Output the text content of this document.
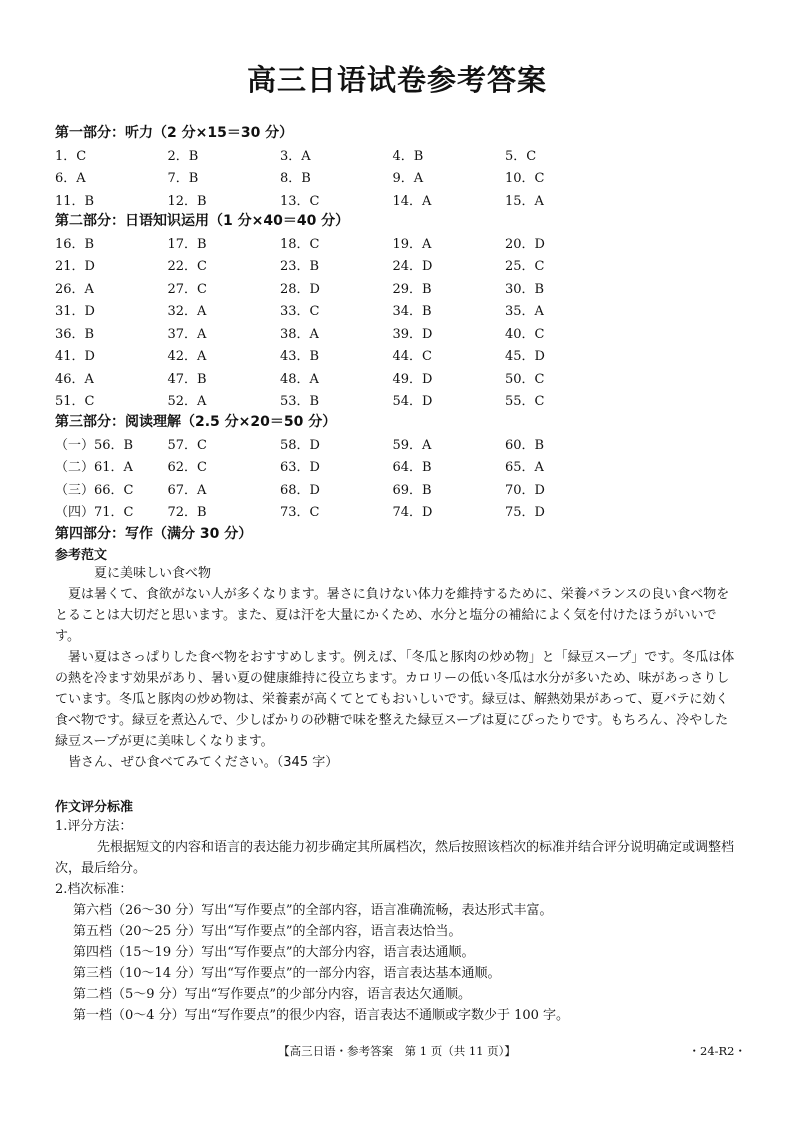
高三日语试卷参考答案
第一部分：听力（2 分×15＝30 分）
1．C	2．B	3．A	4．B	5．C
6．A	7．B	8．B	9．A	10．C
11．B	12．B	13．C	14．A	15．A
第二部分：日语知识运用（1 分×40＝40 分）
16．B	17．B	18．C	19．A	20．D
21．D	22．C	23．B	24．D	25．C
26．A	27．C	28．D	29．B	30．B
31．D	32．A	33．C	34．B	35．A
36．B	37．A	38．A	39．D	40．C
41．D	42．A	43．B	44．C	45．D
46．A	47．B	48．A	49．D	50．C
51．C	52．A	53．B	54．D	55．C
第三部分：阅读理解（2.5 分×20＝50 分）
（一）56．B	57．C	58．D	59．A	60．B
（二）61．A	62．C	63．D	64．B	65．A
（三）66．C	67．A	68．D	69．B	70．D
（四）71．C	72．B	73．C	74．D	75．D
第四部分：写作（满分 30 分）
参考范文

夏に美味しい食べ物

夏は暑くて、食欲がない人が多くなります。暑さに負けない体力を維持するために、栄養バランスの良い食べ物をとることは大切だと思います。また、夏は汗を大量にかくため、水分と塩分の補給によく気を付けたほうがいいです。

暑い夏はさっぱりした食べ物をおすすめします。例えば、「冬瓜と豚肉の炒め物」と「緑豆スープ」です。冬瓜は体の熱を冷ます効果があり、暑い夏の健康維持に役立ちます。カロリーの低い冬瓜は水分が多いため、味があっさりしています。冬瓜と豚肉の炒め物は、栄養素が高くてとてもおいしいです。緑豆は、解熱効果があって、夏バテに効く食べ物です。緑豆を煮込んで、少しばかりの砂糖で味を整えた緑豆スープは夏にぴったりです。もちろん、冷やした緑豆スープが更に美味しくなります。

皆さん、ぜひ食べてみてください。（345 字）

作文评分标准

1.评分方法：

先根据短文的内容和语言的表达能力初步确定其所属档次，然后按照该档次的标准并结合评分说明确定或调整档次，最后给分。

2.档次标准：

第六档（26～30 分）写出“写作要点”的全部内容，语言准确流畅，表达形式丰富。

第五档（20～25 分）写出“写作要点”的全部内容，语言表达恰当。

第四档（15～19 分）写出“写作要点”的大部分内容，语言表达通顺。

第三档（10～14 分）写出“写作要点”的一部分内容，语言表达基本通顺。

第二档（5～9 分）写出“写作要点”的少部分内容，语言表达欠通顺。

第一档（0～4 分）写出“写作要点”的很少内容，语言表达不通顺或字数少于 100 字。

【高三日语・参考答案　第 1 页（共 11 页）】	・24-R2・
